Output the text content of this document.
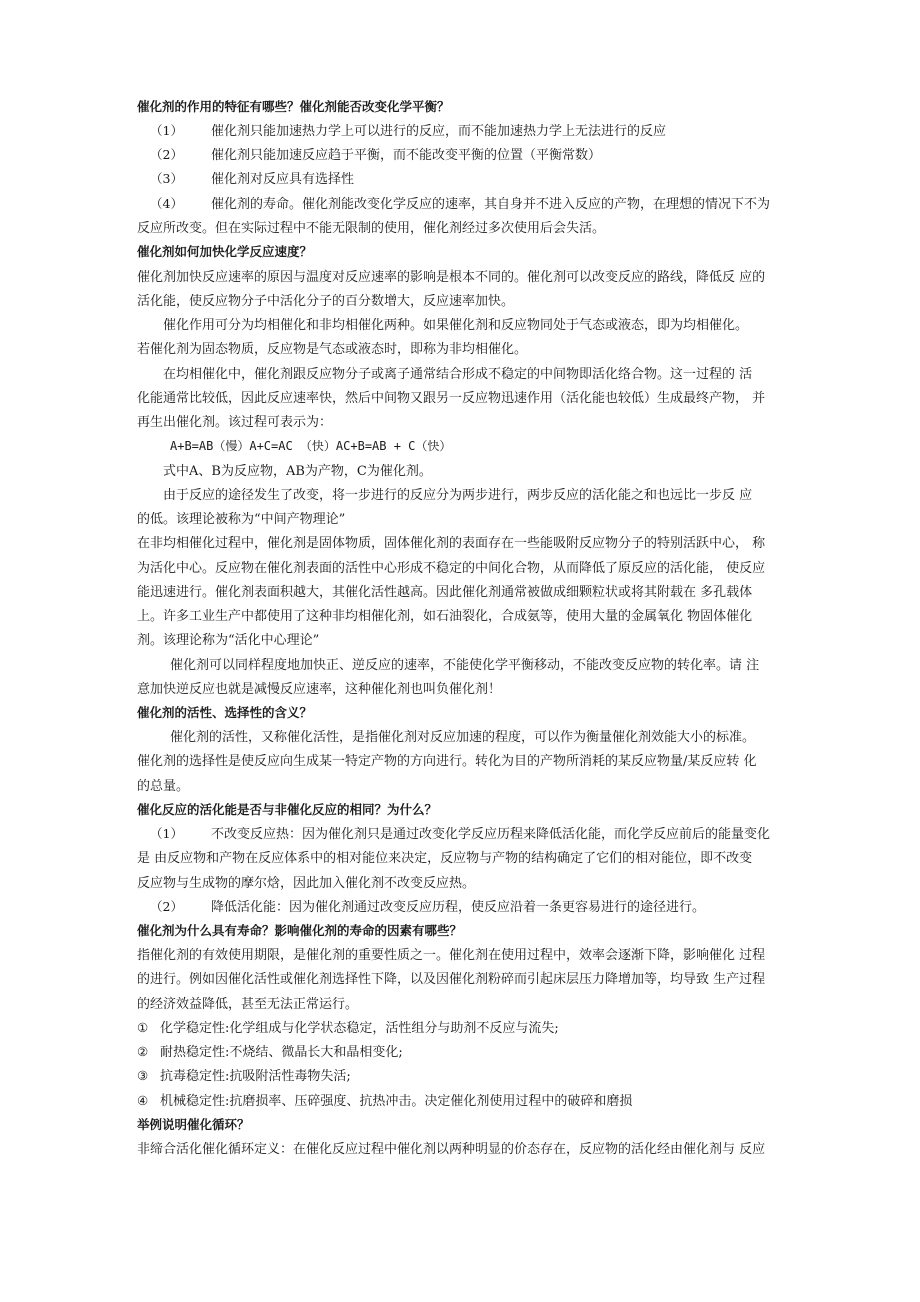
催化剂的作用的特征有哪些？催化剂能否改变化学平衡？
（1） 催化剂只能加速热力学上可以进行的反应，而不能加速热力学上无法进行的反应
（2） 催化剂只能加速反应趋于平衡，而不能改变平衡的位置（平衡常数）
（3） 催化剂对反应具有选择性
（4） 催化剂的寿命。催化剂能改变化学反应的速率，其自身并不进入反应的产物，在理想的情况下不为
反应所改变。但在实际过程中不能无限制的使用，催化剂经过多次使用后会失活。
催化剂如何加快化学反应速度？
催化剂加快反应速率的原因与温度对反应速率的影响是根本不同的。催化剂可以改变反应的路线，降低反 应的
活化能，使反应物分子中活化分子的百分数增大，反应速率加快。
催化作用可分为均相催化和非均相催化两种。如果催化剂和反应物同处于气态或液态，即为均相催化。
若催化剂为固态物质，反应物是气态或液态时，即称为非均相催化。
在均相催化中，催化剂跟反应物分子或离子通常结合形成不稳定的中间物即活化络合物。这一过程的 活
化能通常比较低，因此反应速率快，然后中间物又跟另一反应物迅速作用（活化能也较低）生成最终产物， 并
再生出催化剂。该过程可表示为：
A+B=AB（慢）A+C=AC （快）AC+B=AB + C（快）
式中A、B为反应物，AB为产物，C为催化剂。
由于反应的途径发生了改变，将一步进行的反应分为两步进行，两步反应的活化能之和也远比一步反 应
的低。该理论被称为“中间产物理论”
在非均相催化过程中，催化剂是固体物质，固体催化剂的表面存在一些能吸附反应物分子的特别活跃中心， 称
为活化中心。反应物在催化剂表面的活性中心形成不稳定的中间化合物，从而降低了原反应的活化能， 使反应
能迅速进行。催化剂表面积越大，其催化活性越高。因此催化剂通常被做成细颗粒状或将其附载在 多孔载体
上。许多工业生产中都使用了这种非均相催化剂，如石油裂化，合成氨等，使用大量的金属氧化 物固体催化
剂。该理论称为“活化中心理论”
催化剂可以同样程度地加快正、逆反应的速率，不能使化学平衡移动，不能改变反应物的转化率。请 注
意加快逆反应也就是减慢反应速率，这种催化剂也叫负催化剂！
催化剂的活性、选择性的含义？
催化剂的活性，又称催化活性，是指催化剂对反应加速的程度，可以作为衡量催化剂效能大小的标准。
催化剂的选择性是使反应向生成某一特定产物的方向进行。转化为目的产物所消耗的某反应物量/某反应转 化
的总量。
催化反应的活化能是否与非催化反应的相同？为什么？
（1） 不改变反应热：因为催化剂只是通过改变化学反应历程来降低活化能，而化学反应前后的能量变化
是 由反应物和产物在反应体系中的相对能位来决定，反应物与产物的结构确定了它们的相对能位，即不改变
反应物与生成物的摩尔焓，因此加入催化剂不改变反应热。
（2） 降低活化能：因为催化剂通过改变反应历程，使反应沿着一条更容易进行的途径进行。
催化剂为什么具有寿命？影响催化剂的寿命的因素有哪些？
指催化剂的有效使用期限，是催化剂的重要性质之一。催化剂在使用过程中，效率会逐渐下降，影响催化 过程
的进行。例如因催化活性或催化剂选择性下降，以及因催化剂粉碎而引起床层压力降增加等，均导致 生产过程
的经济效益降低，甚至无法正常运行。
① 化学稳定性:化学组成与化学状态稳定，活性组分与助剂不反应与流失;
② 耐热稳定性:不烧结、微晶长大和晶相变化;
③ 抗毒稳定性:抗吸附活性毒物失活;
④ 机械稳定性:抗磨损率、压碎强度、抗热冲击。决定催化剂使用过程中的破碎和磨损
举例说明催化循环？
非缔合活化催化循环定义：在催化反应过程中催化剂以两种明显的价态存在，反应物的活化经由催化剂与 反应
